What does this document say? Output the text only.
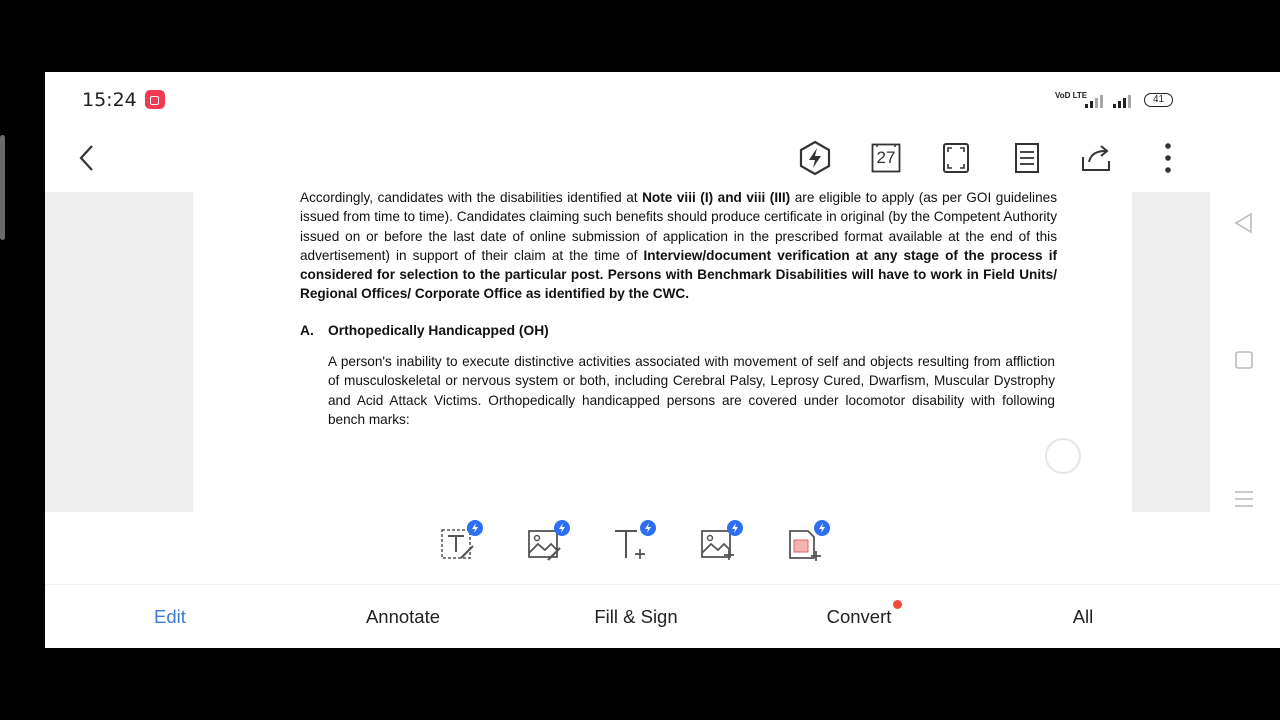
15:24	VoD LTE	41
27

Accordingly, candidates with the disabilities identified at Note viii (I) and viii (III) are eligible to apply (as per GOI guidelines issued from time to time). Candidates claiming such benefits should produce certificate in original (by the Competent Authority issued on or before the last date of online submission of application in the prescribed format available at the end of this advertisement) in support of their claim at the time of Interview/document verification at any stage of the process if considered for selection to the particular post. Persons with Benchmark Disabilities will have to work in Field Units/ Regional Offices/ Corporate Office as identified by the CWC.

A. Orthopedically Handicapped (OH)

A person's inability to execute distinctive activities associated with movement of self and objects resulting from affliction of musculoskeletal or nervous system or both, including Cerebral Palsy, Leprosy Cured, Dwarfism, Muscular Dystrophy and Acid Attack Victims. Orthopedically handicapped persons are covered under locomotor disability with following bench marks:

Edit	Annotate	Fill & Sign	Convert	All
